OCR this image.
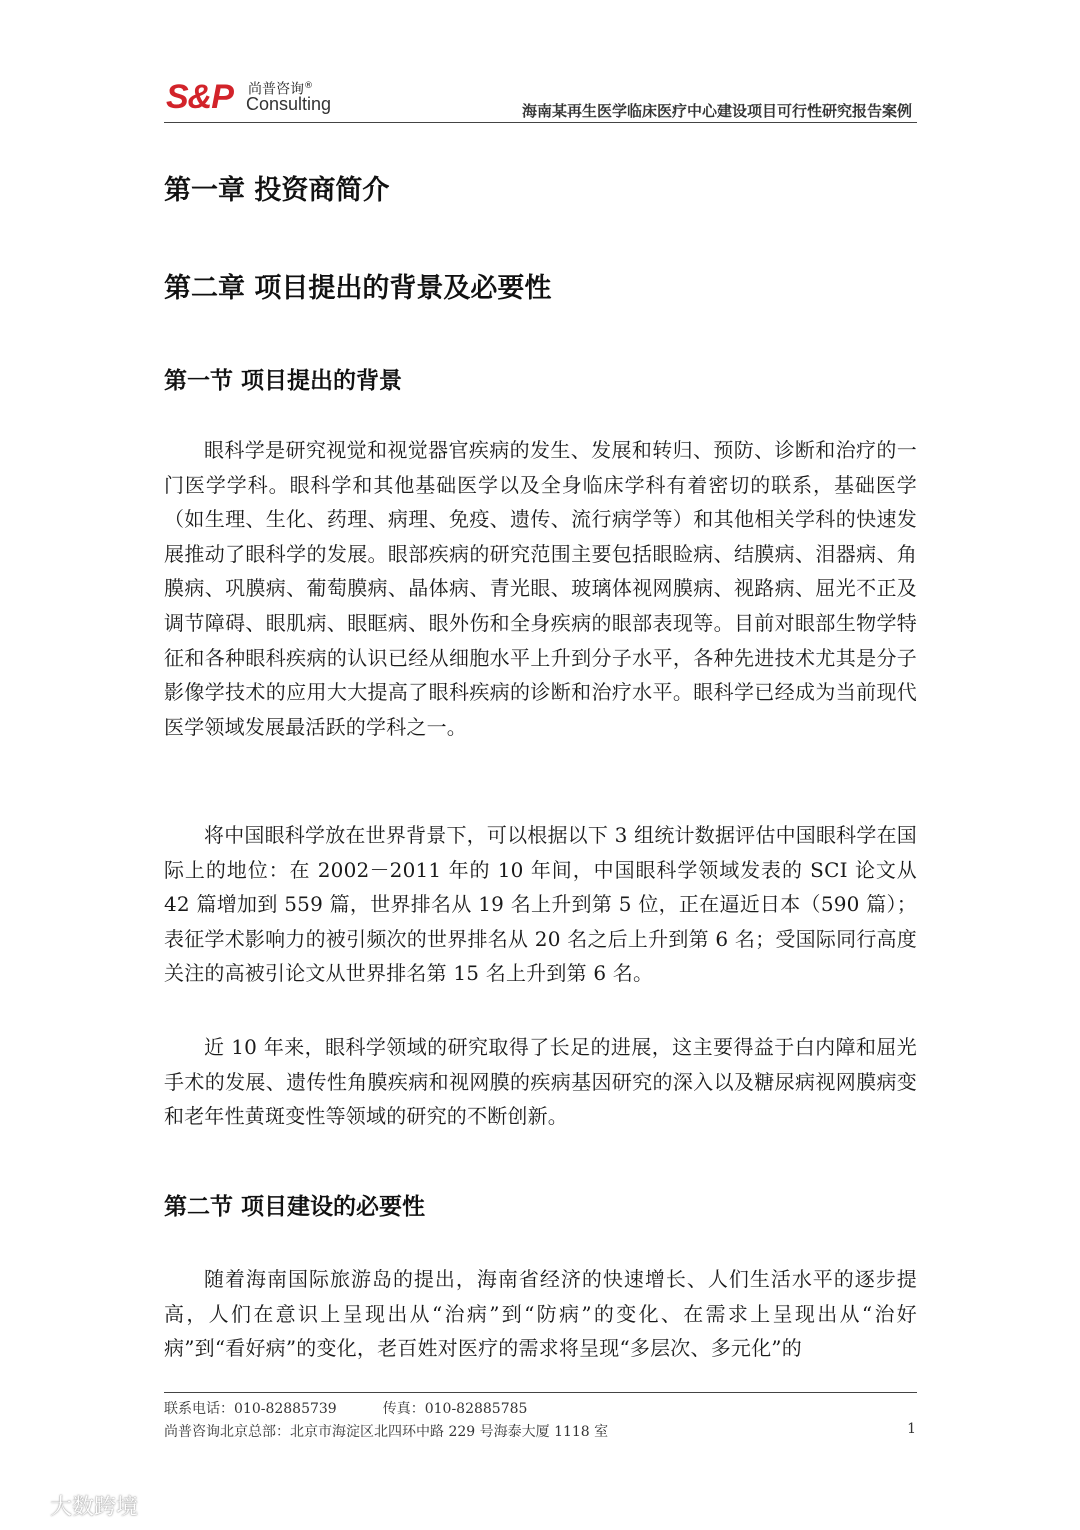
S&P 尚普咨询®
Consulting	海南某再生医学临床医疗中心建设项目可行性研究报告案例
第一章 投资商简介
第二章 项目提出的背景及必要性
第一节 项目提出的背景

眼科学是研究视觉和视觉器官疾病的发生、发展和转归、预防、诊断和治疗的一门医学学科。眼科学和其他基础医学以及全身临床学科有着密切的联系，基础医学（如生理、生化、药理、病理、免疫、遗传、流行病学等）和其他相关学科的快速发展推动了眼科学的发展。眼部疾病的研究范围主要包括眼睑病、结膜病、泪器病、角膜病、巩膜病、葡萄膜病、晶体病、青光眼、玻璃体视网膜病、视路病、屈光不正及调节障碍、眼肌病、眼眶病、眼外伤和全身疾病的眼部表现等。目前对眼部生物学特征和各种眼科疾病的认识已经从细胞水平上升到分子水平，各种先进技术尤其是分子影像学技术的应用大大提高了眼科疾病的诊断和治疗水平。眼科学已经成为当前现代医学领域发展最活跃的学科之一。

将中国眼科学放在世界背景下，可以根据以下 3 组统计数据评估中国眼科学在国际上的地位：在 2002－2011 年的 10 年间，中国眼科学领域发表的 SCI 论文从 42 篇增加到 559 篇，世界排名从 19 名上升到第 5 位，正在逼近日本（590 篇）；表征学术影响力的被引频次的世界排名从 20 名之后上升到第 6 名；受国际同行高度关注的高被引论文从世界排名第 15 名上升到第 6 名。

近 10 年来，眼科学领域的研究取得了长足的进展，这主要得益于白内障和屈光手术的发展、遗传性角膜疾病和视网膜的疾病基因研究的深入以及糖尿病视网膜病变和老年性黄斑变性等领域的研究的不断创新。

第二节 项目建设的必要性

随着海南国际旅游岛的提出，海南省经济的快速增长、人们生活水平的逐步提高，人们在意识上呈现出从“治病”到“防病”的变化、在需求上呈现出从“治好病”到“看好病”的变化，老百姓对医疗的需求将呈现“多层次、多元化”的

联系电话：010-82885739	传真：010-82885785
尚普咨询北京总部：北京市海淀区北四环中路 229 号海泰大厦 1118 室	1
大数跨境
